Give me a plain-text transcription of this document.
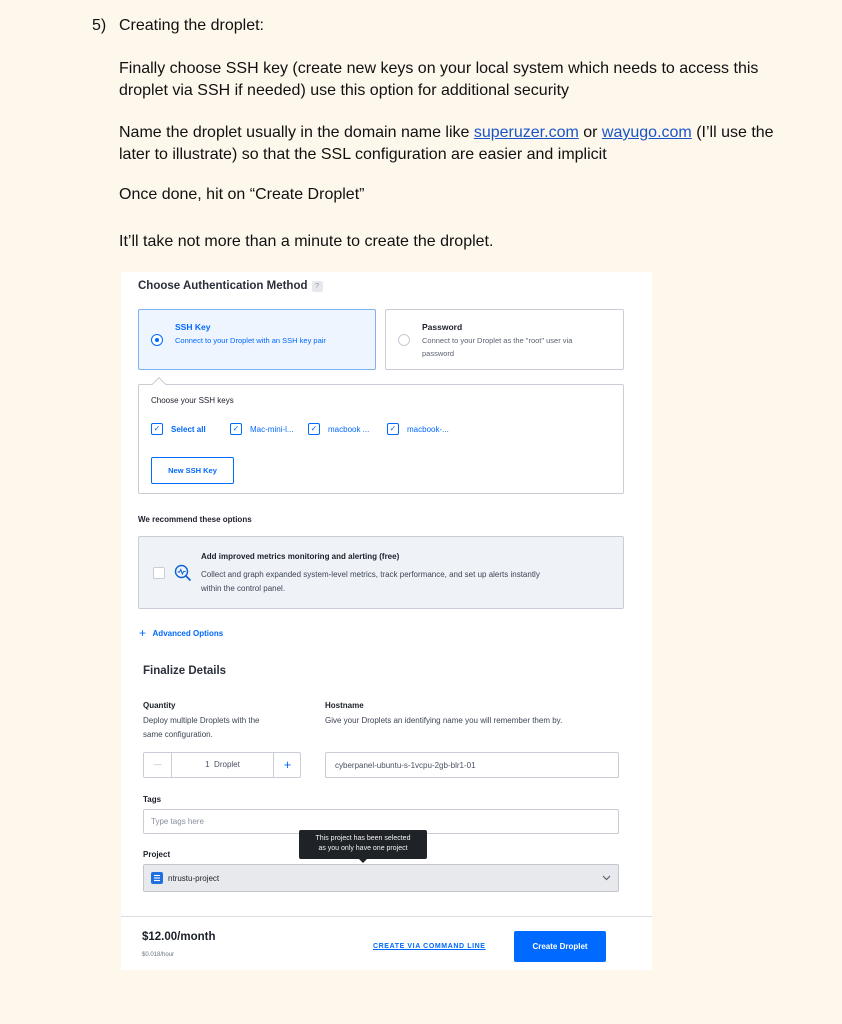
5) Creating the droplet:

Finally choose SSH key (create new keys on your local system which needs to access this droplet via SSH if needed) use this option for additional security

Name the droplet usually in the domain name like superuzer.com or wayugo.com (I’ll use the later to illustrate) so that the SSL configuration are easier and implicit

Once done, hit on “Create Droplet”

It’ll take not more than a minute to create the droplet.

Choose Authentication Method ?
SSH Key
Connect to your Droplet with an SSH key pair
Password
Connect to your Droplet as the "root" user via
password
Choose your SSH keys
✓	Select all	✓	Mac-mini-l...	✓	macbook ...	✓	macbook-...
New SSH Key
We recommend these options
Add improved metrics monitoring and alerting (free)
Collect and graph expanded system-level metrics, track performance, and set up alerts instantly
within the control panel.
+ Advanced Options
Finalize Details
Quantity
Deploy multiple Droplets with the
same configuration.
—	1  Droplet	+
Hostname
Give your Droplets an identifying name you will remember them by.
cyberpanel-ubuntu-s-1vcpu-2gb-blr1-01
Tags
Type tags here
Project
This project has been selected
as you only have one project
ntrustu-project
$12.00/month
$0.018/hour
CREATE VIA COMMAND LINE	Create Droplet
